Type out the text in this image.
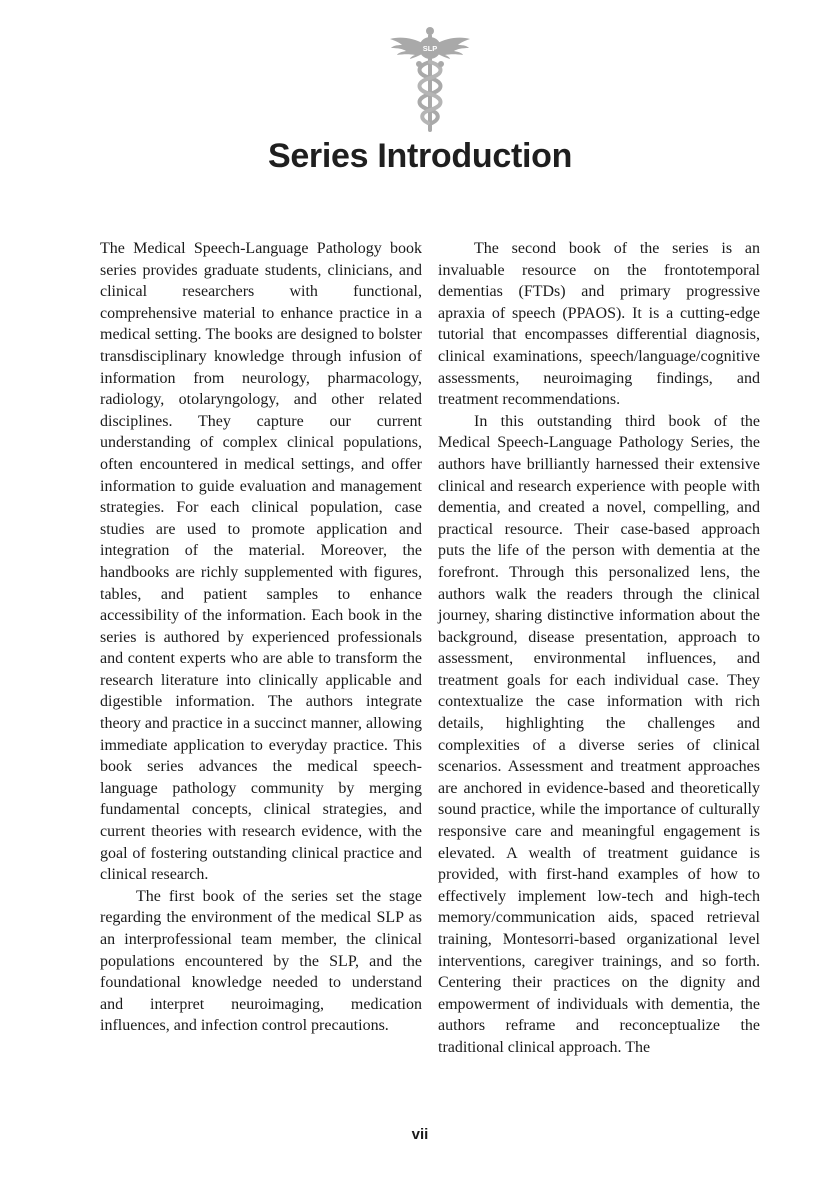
SLP
Series Introduction

The Medical Speech-Language Pathology book series provides graduate students, clinicians, and clinical researchers with functional, comprehensive material to enhance practice in a medical setting. The books are designed to bolster transdisciplinary knowledge through infusion of information from neurology, pharmacology, radiology, otolaryngology, and other related disciplines. They capture our current understanding of complex clinical populations, often encountered in medical settings, and offer information to guide evaluation and management strategies. For each clinical population, case studies are used to promote application and integration of the material. Moreover, the handbooks are richly supplemented with figures, tables, and patient samples to enhance accessibility of the information. Each book in the series is authored by experienced professionals and content experts who are able to transform the research literature into clinically applicable and digestible information. The authors integrate theory and practice in a succinct manner, allowing immediate application to everyday practice. This book series advances the medical speech-language pathology community by merging fundamental concepts, clinical strategies, and current theories with research evidence, with the goal of fostering outstanding clinical practice and clinical research.

The first book of the series set the stage regarding the environment of the medical SLP as an interprofessional team member, the clinical populations encountered by the SLP, and the foundational knowledge needed to understand and interpret neuroimaging, medication influences, and infection control precautions.

The second book of the series is an invaluable resource on the frontotemporal dementias (FTDs) and primary progressive apraxia of speech (PPAOS). It is a cutting-edge tutorial that encompasses differential diagnosis, clinical examinations, speech/language/cognitive assessments, neuroimaging findings, and treatment recommendations.

In this outstanding third book of the Medical Speech-Language Pathology Series, the authors have brilliantly harnessed their extensive clinical and research experience with people with dementia, and created a novel, compelling, and practical resource. Their case-based approach puts the life of the person with dementia at the forefront. Through this personalized lens, the authors walk the readers through the clinical journey, sharing distinctive information about the background, disease presentation, approach to assessment, environmental influences, and treatment goals for each individual case. They contextualize the case information with rich details, highlighting the challenges and complexities of a diverse series of clinical scenarios. Assessment and treatment approaches are anchored in evidence-based and theoretically sound practice, while the importance of culturally responsive care and meaningful engagement is elevated. A wealth of treatment guidance is provided, with first-hand examples of how to effectively implement low-tech and high-tech memory/communication aids, spaced retrieval training, Montesorri-based organizational level interventions, caregiver trainings, and so forth. Centering their practices on the dignity and empowerment of individuals with dementia, the authors reframe and reconceptualize the traditional clinical approach. The

vii
